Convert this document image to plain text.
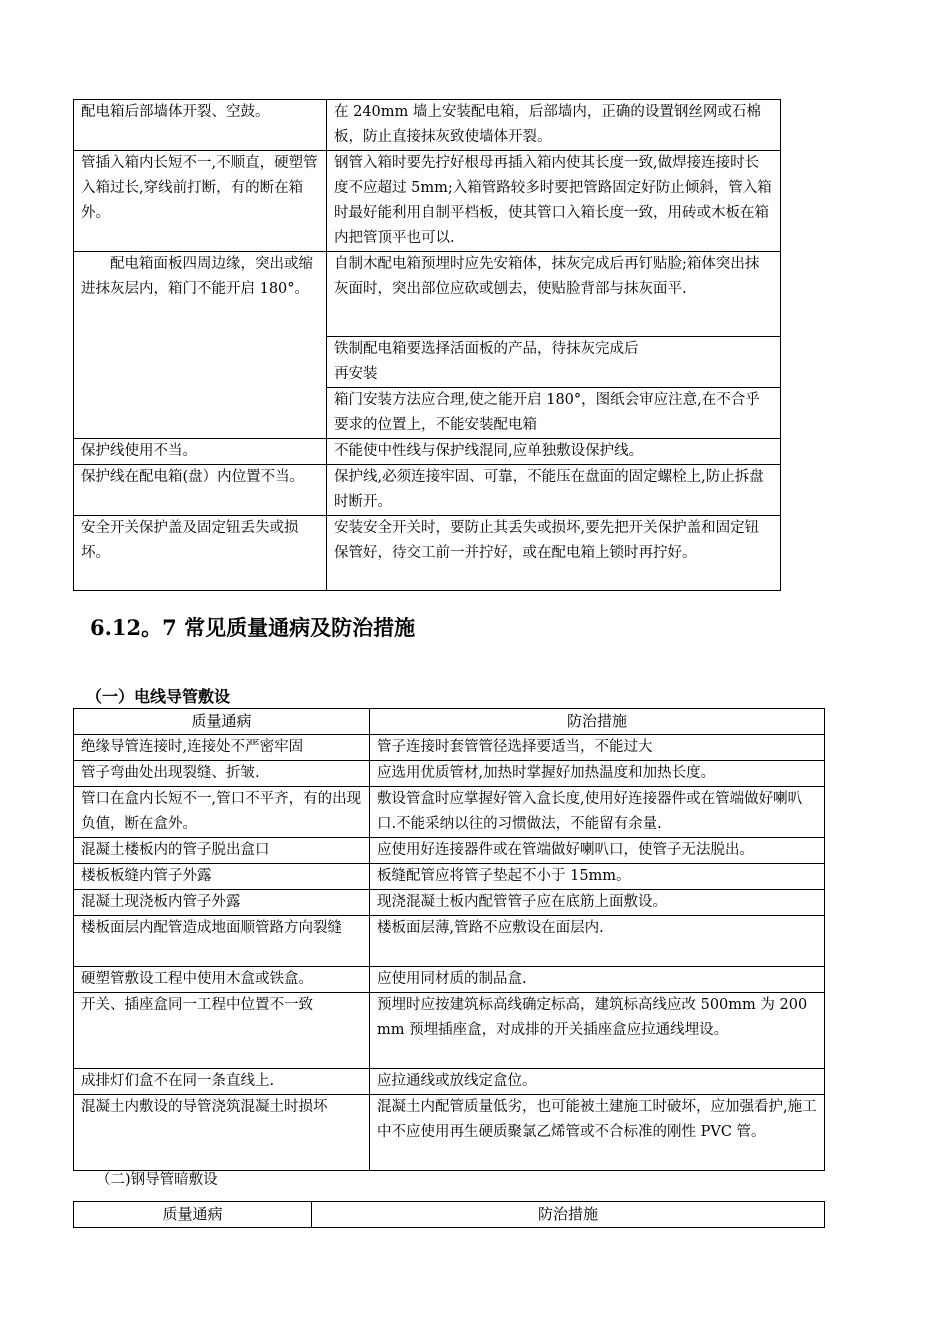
配电箱后部墙体开裂、空鼓。	在 240mm 墙上安装配电箱，后部墙内，正确的设置钢丝网或石棉板，防止直接抹灰致使墙体开裂。
管插入箱内长短不一,不顺直，硬塑管入箱过长,穿线前打断，有的断在箱外。	钢管入箱时要先拧好根母再插入箱内使其长度一致,做焊接连接时长度不应超过 5mm;入箱管路较多时要把管路固定好防止倾斜，管入箱时最好能利用自制平档板，使其管口入箱长度一致，用砖或木板在箱内把管顶平也可以.
配电箱面板四周边缘，突出或缩进抹灰层内，箱门不能开启 180°。	自制木配电箱预埋时应先安箱体，抹灰完成后再钉贴脸;箱体突出抹灰面时，突出部位应砍或刨去，使贴脸背部与抹灰面平.
	铁制配电箱要选择活面板的产品，待抹灰完成后
再安装
	箱门安装方法应合理,使之能开启 180°，图纸会审应注意,在不合乎要求的位置上，不能安装配电箱
保护线使用不当。	不能使中性线与保护线混同,应单独敷设保护线。
保护线在配电箱(盘）内位置不当。	保护线,必须连接牢固、可靠，不能压在盘面的固定螺栓上,防止拆盘时断开。
安全开关保护盖及固定钮丢失或损坏。	安装安全开关时，要防止其丢失或损坏,要先把开关保护盖和固定钮保管好，待交工前一并拧好，或在配电箱上锁时再拧好。
6.12。7 常见质量通病及防治措施
（一）电线导管敷设
质量通病	防治措施
绝缘导管连接时,连接处不严密牢固	管子连接时套管管径选择要适当，不能过大
管子弯曲处出现裂缝、折皱.	应选用优质管材,加热时掌握好加热温度和加热长度。
管口在盒内长短不一,管口不平齐，有的出现负值，断在盒外。	敷设管盒时应掌握好管入盒长度,使用好连接器件或在管端做好喇叭口.不能采纳以往的习惯做法，不能留有余量.
混凝土楼板内的管子脱出盒口	应使用好连接器件或在管端做好喇叭口，使管子无法脱出。
楼板板缝内管子外露	板缝配管应将管子垫起不小于 15mm。
混凝土现浇板内管子外露	现浇混凝土板内配管管子应在底筋上面敷设。
楼板面层内配管造成地面顺管路方向裂缝	楼板面层薄,管路不应敷设在面层内.
硬塑管敷设工程中使用木盒或铁盒。	应使用同材质的制品盒.
开关、插座盒同一工程中位置不一致	预埋时应按建筑标高线确定标高，建筑标高线应改 500mm 为 200mm 预埋插座盒，对成排的开关插座盒应拉通线埋设。
成排灯们盒不在同一条直线上.	应拉通线或放线定盒位。
混凝土内敷设的导管浇筑混凝土时损坏	混凝土内配管质量低劣，也可能被土建施工时破坏，应加强看护,施工中不应使用再生硬质聚氯乙烯管或不合标准的刚性 PVC 管。
（二)钢导管暗敷设
质量通病	防治措施
